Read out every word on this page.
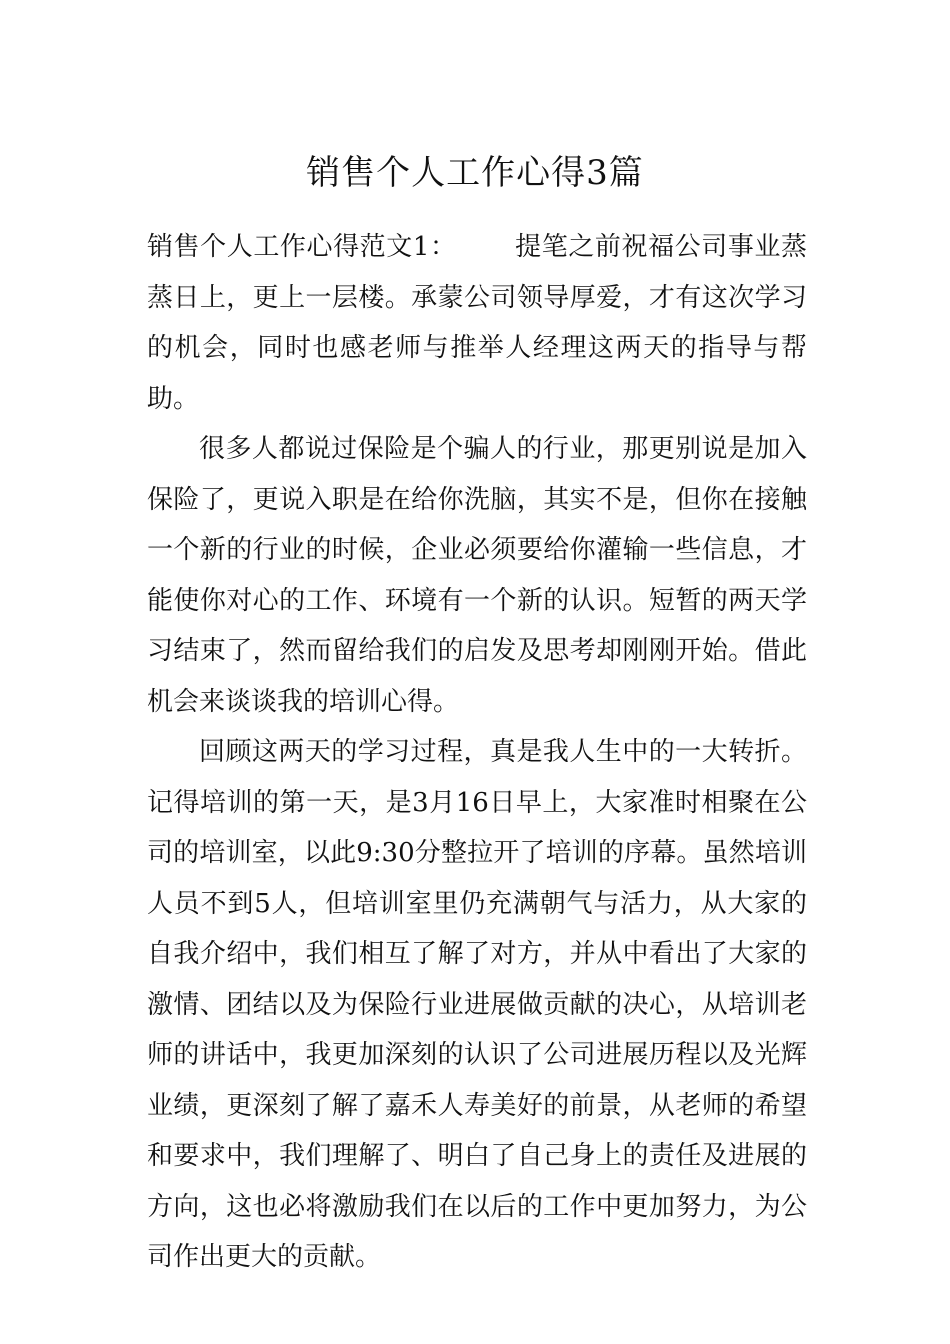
销售个人工作心得3篇

销售个人工作心得范文1： 提笔之前祝福公司事业蒸蒸日上，更上一层楼。承蒙公司领导厚爱，才有这次学习的机会，同时也感老师与推举人经理这两天的指导与帮助。

很多人都说过保险是个骗人的行业，那更别说是加入保险了，更说入职是在给你洗脑，其实不是，但你在接触一个新的行业的时候，企业必须要给你灌输一些信息，才能使你对心的工作、环境有一个新的认识。短暂的两天学习结束了，然而留给我们的启发及思考却刚刚开始。借此机会来谈谈我的培训心得。

回顾这两天的学习过程，真是我人生中的一大转折。记得培训的第一天，是3月16日早上，大家准时相聚在公司的培训室，以此9:30分整拉开了培训的序幕。虽然培训人员不到5人，但培训室里仍充满朝气与活力，从大家的自我介绍中，我们相互了解了对方，并从中看出了大家的激情、团结以及为保险行业进展做贡献的决心，从培训老师的讲话中，我更加深刻的认识了公司进展历程以及光辉业绩，更深刻了解了嘉禾人寿美好的前景，从老师的希望和要求中，我们理解了、明白了自己身上的责任及进展的方向，这也必将激励我们在以后的工作中更加努力，为公司作出更大的贡献。
